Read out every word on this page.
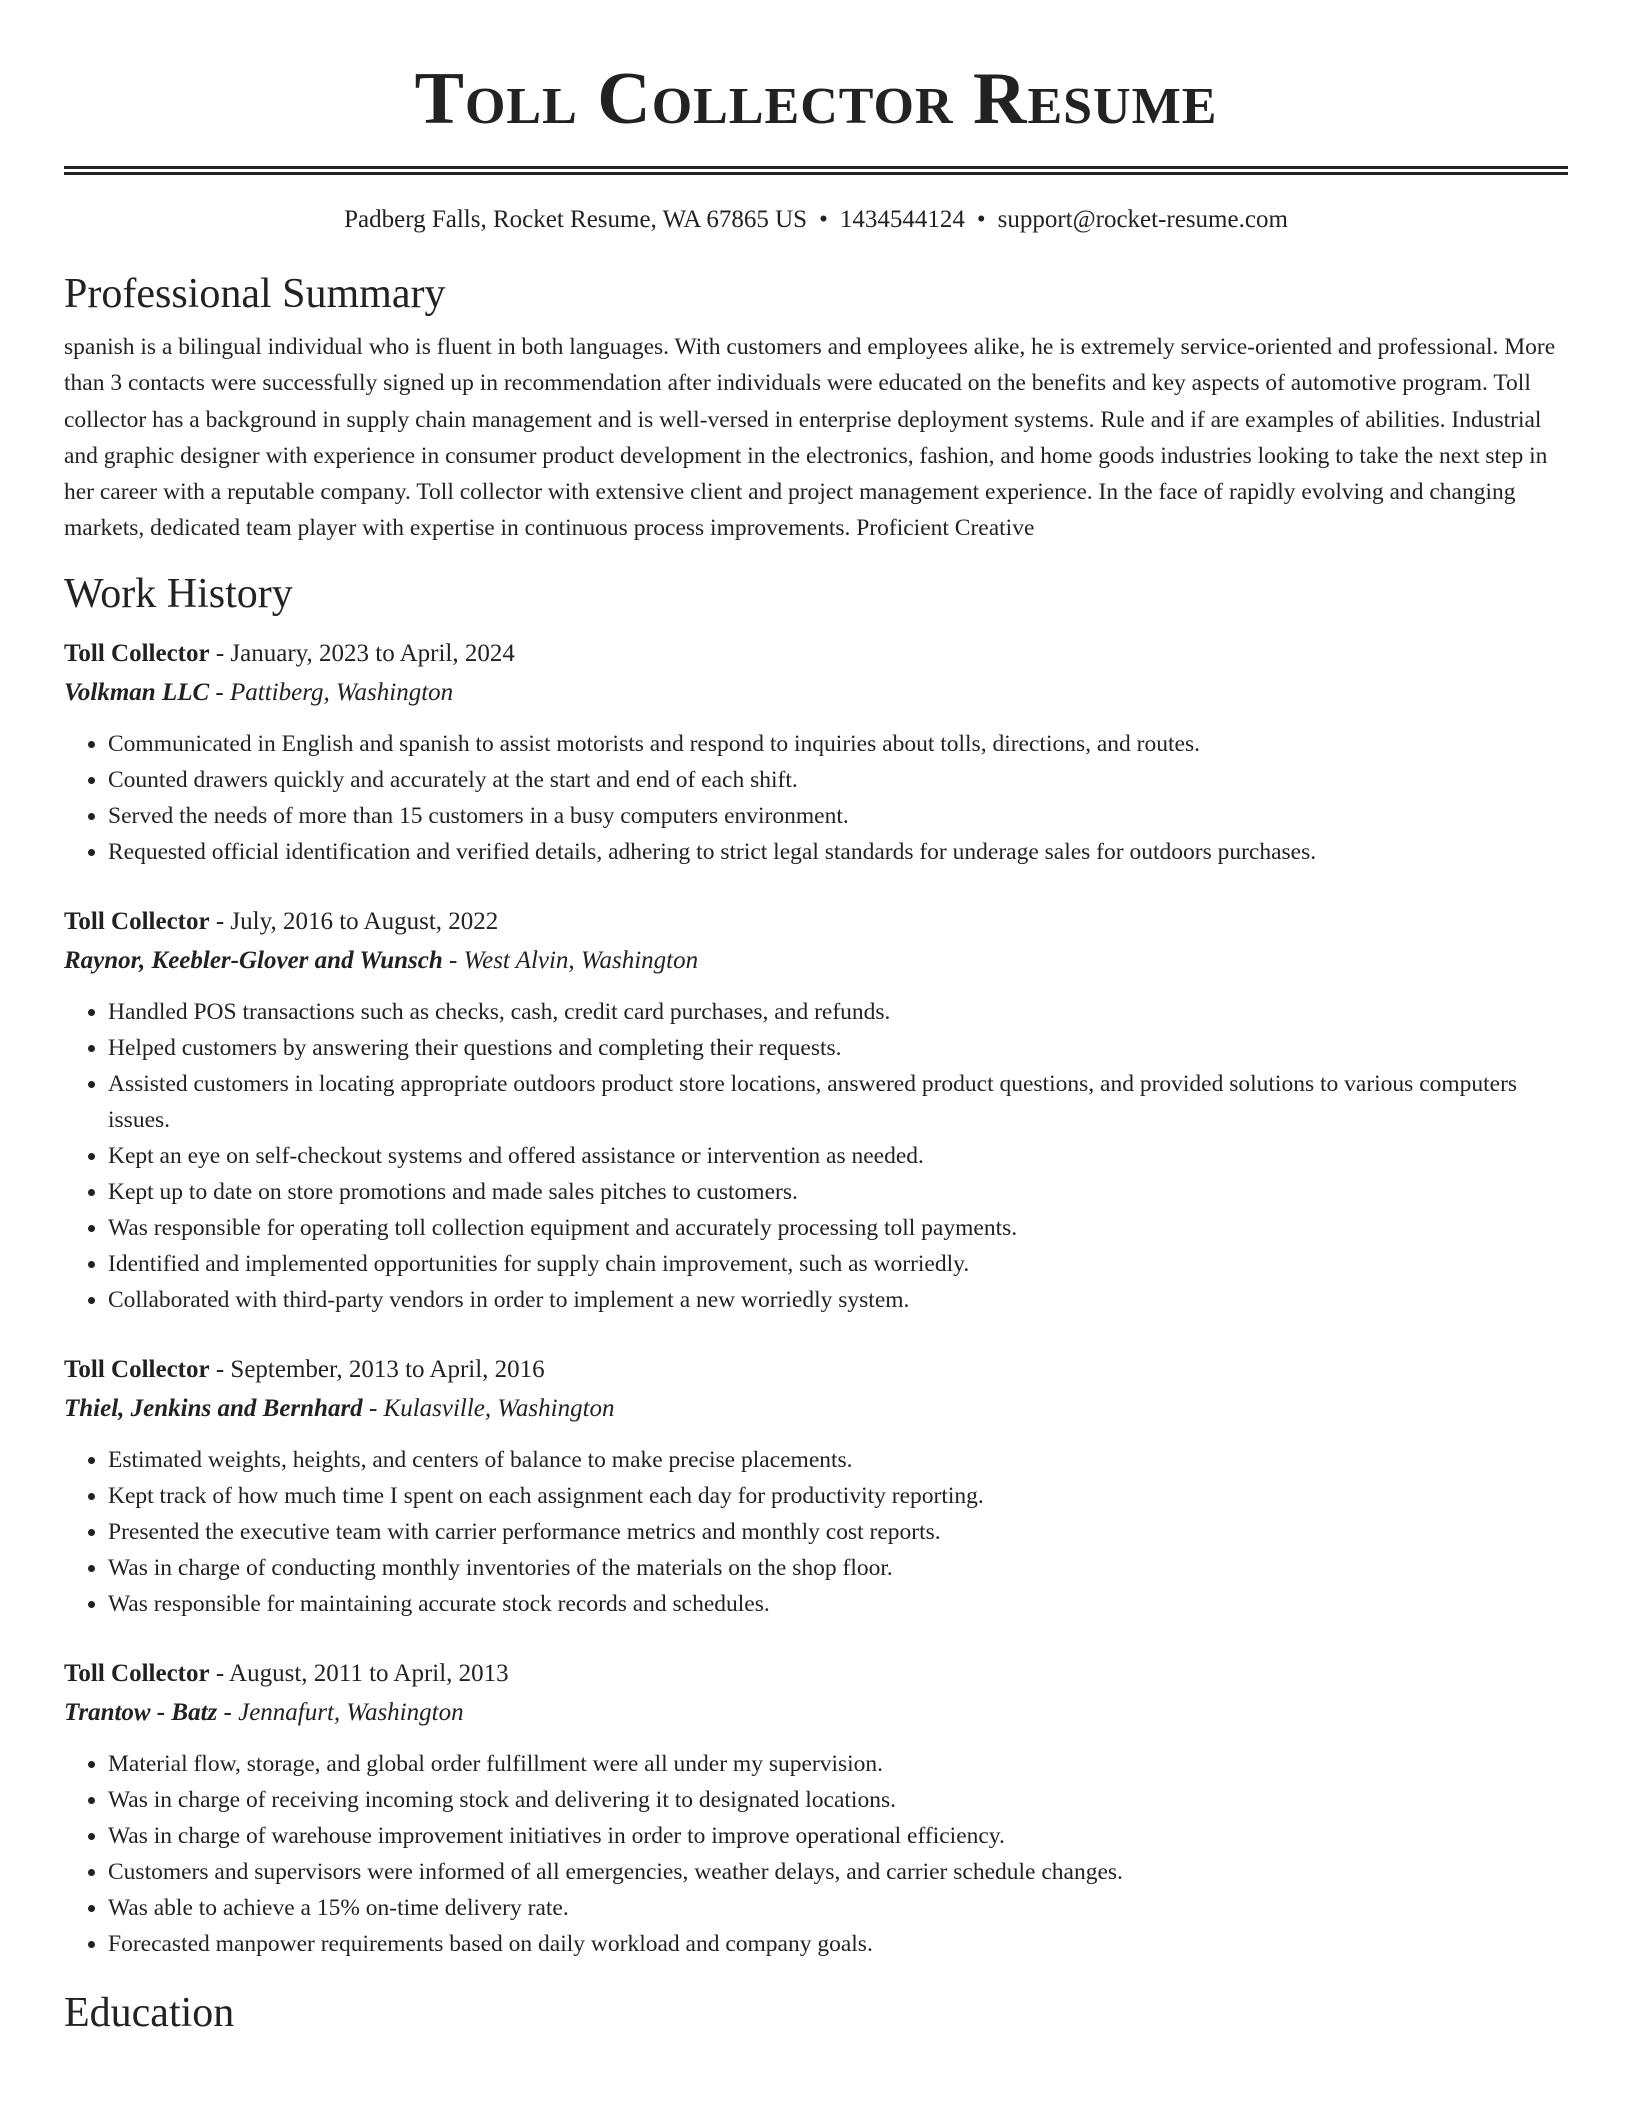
Toll Collector Resume
Padberg Falls, Rocket Resume, WA 67865 US • 1434544124 • support@rocket-resume.com
Professional Summary

spanish is a bilingual individual who is fluent in both languages. With customers and employees alike, he is extremely service-oriented and professional. More than 3 contacts were successfully signed up in recommendation after individuals were educated on the benefits and key aspects of automotive program. Toll collector has a background in supply chain management and is well-versed in enterprise deployment systems. Rule and if are examples of abilities. Industrial and graphic designer with experience in consumer product development in the electronics, fashion, and home goods industries looking to take the next step in her career with a reputable company. Toll collector with extensive client and project management experience. In the face of rapidly evolving and changing markets, dedicated team player with expertise in continuous process improvements. Proficient Creative

Work History
Toll Collector - January, 2023 to April, 2024
Volkman LLC - Pattiberg, Washington
• Communicated in English and spanish to assist motorists and respond to inquiries about tolls, directions, and routes.
• Counted drawers quickly and accurately at the start and end of each shift.
• Served the needs of more than 15 customers in a busy computers environment.
• Requested official identification and verified details, adhering to strict legal standards for underage sales for outdoors purchases.
Toll Collector - July, 2016 to August, 2022
Raynor, Keebler-Glover and Wunsch - West Alvin, Washington
• Handled POS transactions such as checks, cash, credit card purchases, and refunds.
• Helped customers by answering their questions and completing their requests.
• Assisted customers in locating appropriate outdoors product store locations, answered product questions, and provided solutions to various computers issues.
• Kept an eye on self-checkout systems and offered assistance or intervention as needed.
• Kept up to date on store promotions and made sales pitches to customers.
• Was responsible for operating toll collection equipment and accurately processing toll payments.
• Identified and implemented opportunities for supply chain improvement, such as worriedly.
• Collaborated with third-party vendors in order to implement a new worriedly system.
Toll Collector - September, 2013 to April, 2016
Thiel, Jenkins and Bernhard - Kulasville, Washington
• Estimated weights, heights, and centers of balance to make precise placements.
• Kept track of how much time I spent on each assignment each day for productivity reporting.
• Presented the executive team with carrier performance metrics and monthly cost reports.
• Was in charge of conducting monthly inventories of the materials on the shop floor.
• Was responsible for maintaining accurate stock records and schedules.
Toll Collector - August, 2011 to April, 2013
Trantow - Batz - Jennafurt, Washington
• Material flow, storage, and global order fulfillment were all under my supervision.
• Was in charge of receiving incoming stock and delivering it to designated locations.
• Was in charge of warehouse improvement initiatives in order to improve operational efficiency.
• Customers and supervisors were informed of all emergencies, weather delays, and carrier schedule changes.
• Was able to achieve a 15% on-time delivery rate.
• Forecasted manpower requirements based on daily workload and company goals.
Education
